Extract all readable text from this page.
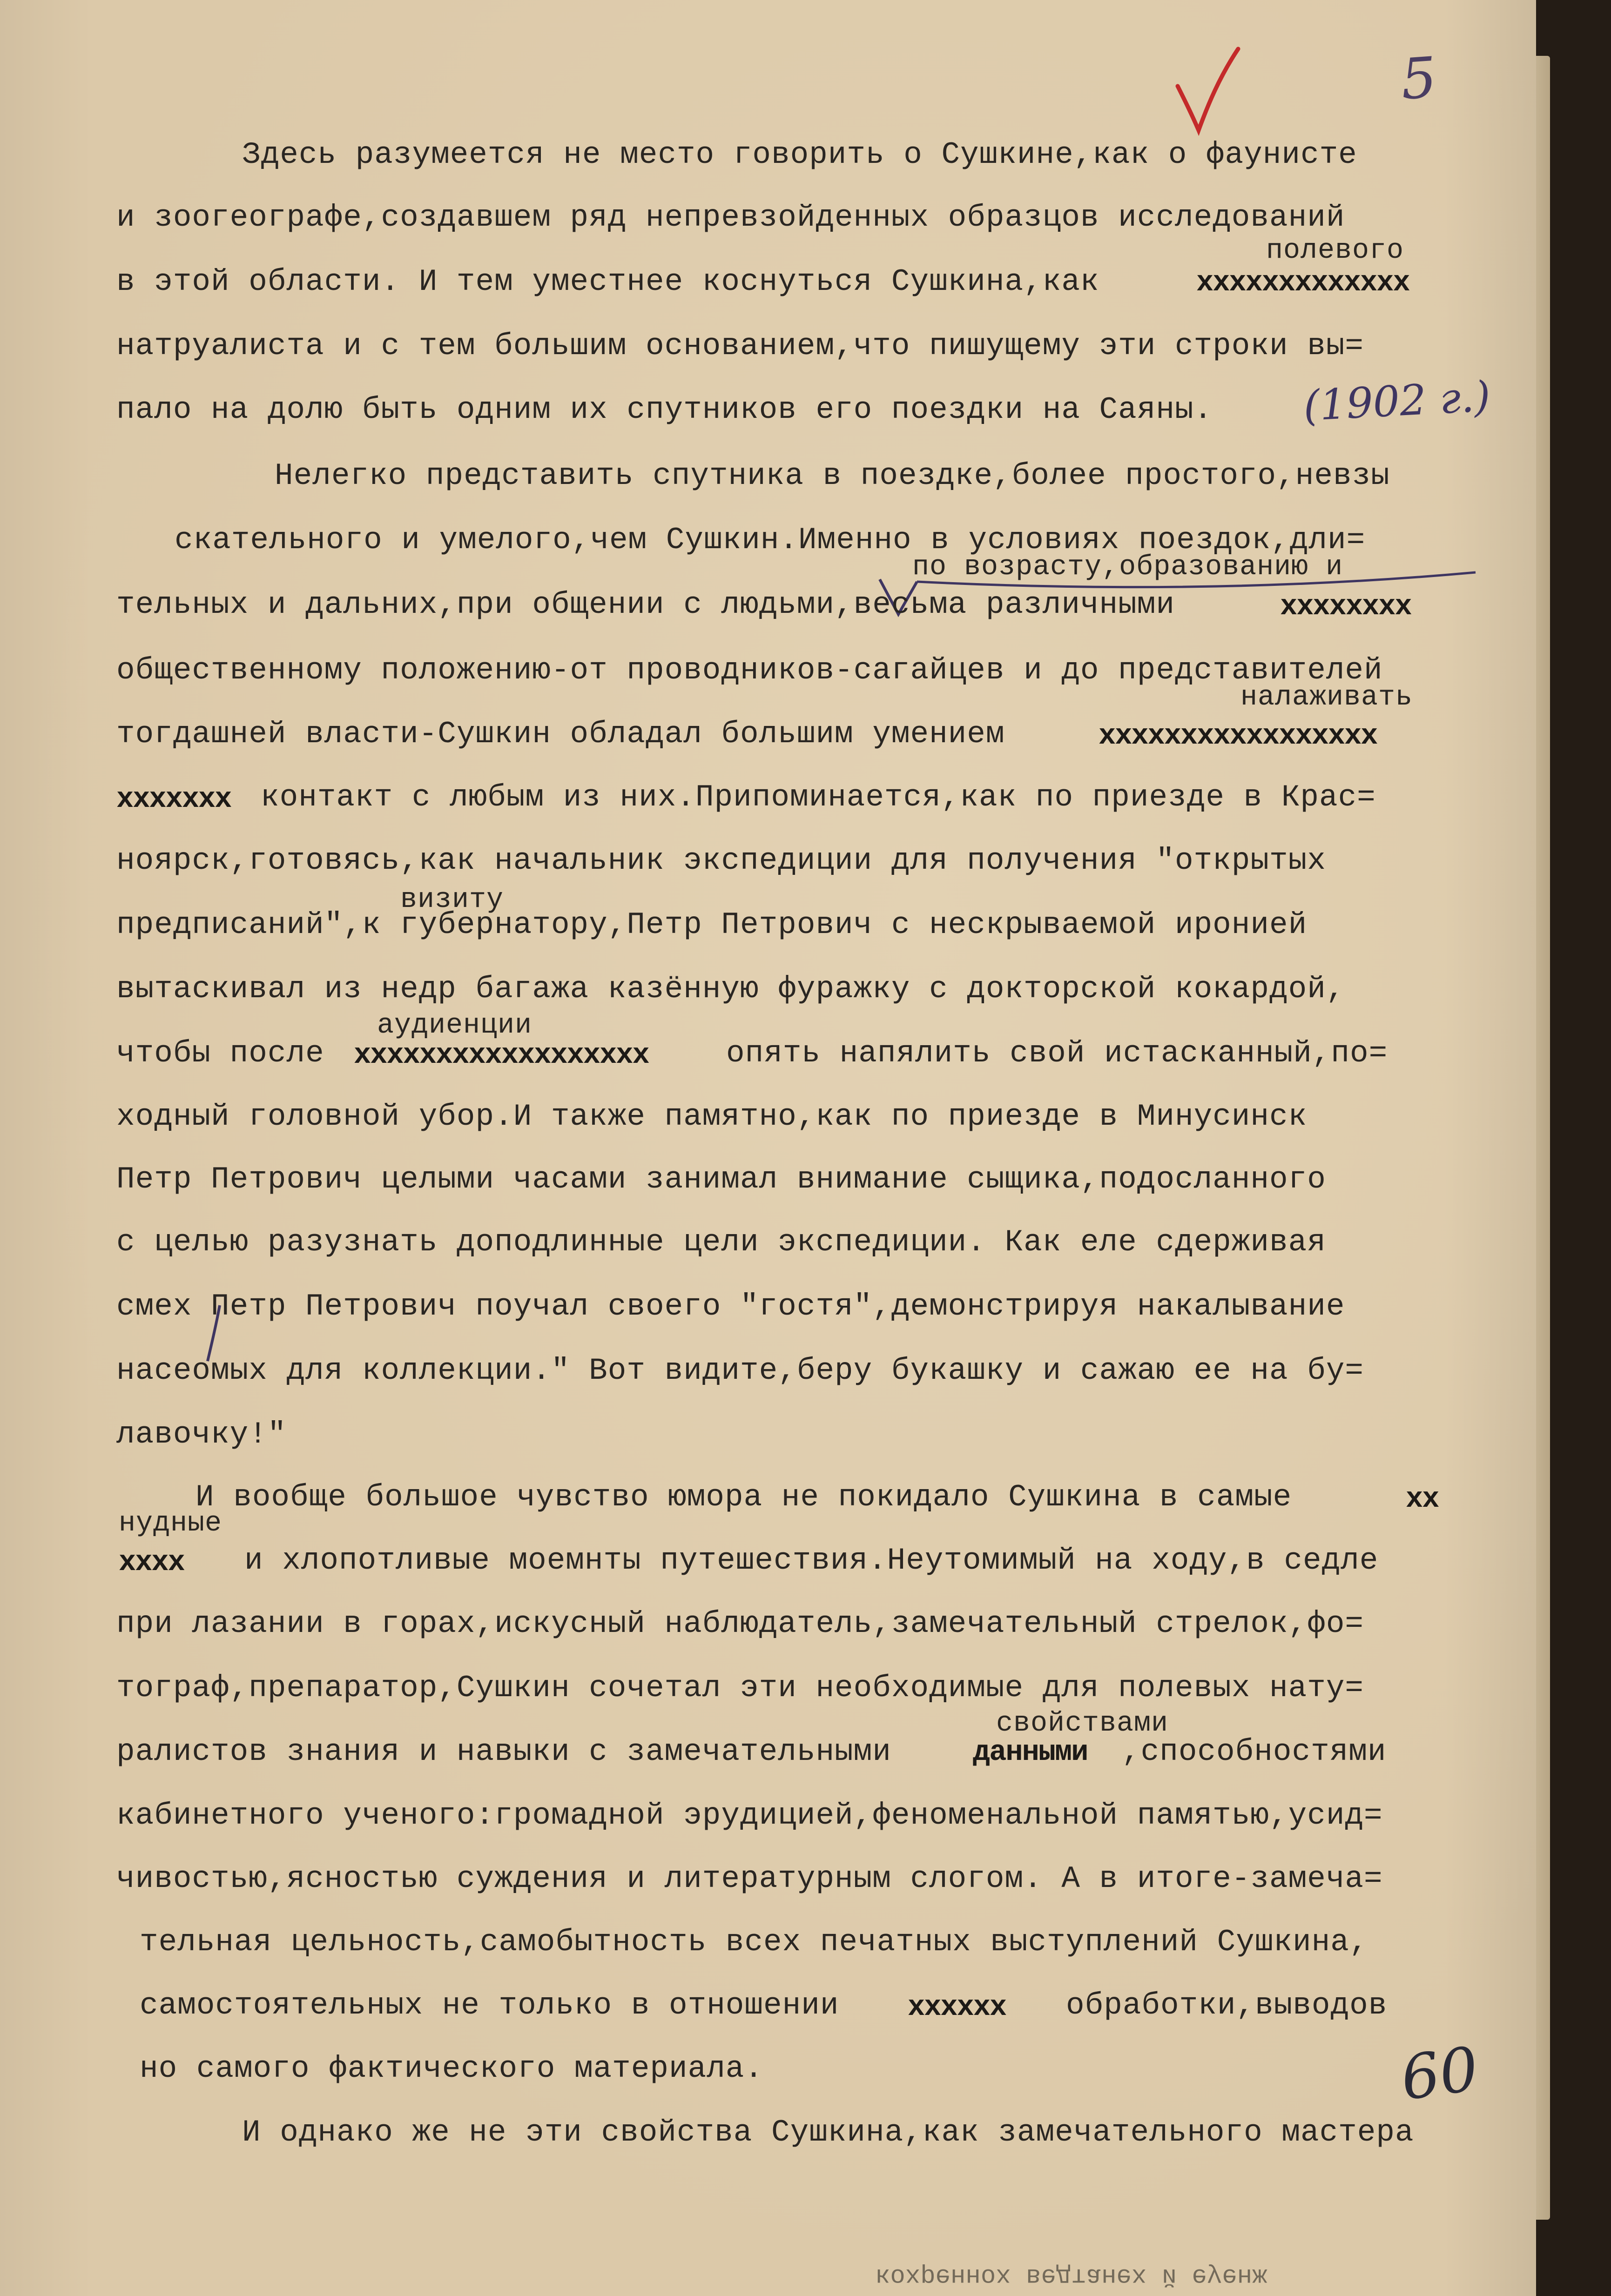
5
Здесь разумеется не место говорить о Сушкине,как о фаунисте
полевого
и зоогеографе,создавшем ряд непревзойденных образцов исследований
в этой области. И тем уместнее коснуться Сушкина,как	xxxxxxxxxxxxx
натруалиста и с тем большим основанием,что пишущему эти строки вы=
пало на долю быть одним их спутников его поездки на Саяны. (1902 г.)
Нелегко представить спутника в поездке,более простого,невзы
скательного и умелого,чем Сушкин.Именно в условиях поездок,дли=
по возрасту,образованию и
тельных и дальних,при общении с людьми,весьма различными	xxxxxxxx
общественному положению-от проводников-сагайцев и до представителей
налаживать
тогдашней власти-Сушкин обладал большим умением	xxxxxxxxxxxxxxxxx
xxxxxxx контакт с любым из них.Припоминается,как по приезде в Крас=
ноярск,готовясь,как начальник экспедиции для получения "открытых
визиту
предписаний",к губернатору,Петр Петрович с нескрываемой иронией
вытаскивал из недр багажа казённую фуражку с докторской кокардой,
аудиенции
чтобы после xxxxxxxxxxxxxxxxxx	опять напялить свой истасканный,по=
ходный головной убор.И также памятно,как по приезде в Минусинск
Петр Петрович целыми часами занимал внимание сыщика,подосланного
с целью разузнать доподлинные цели экспедиции. Как еле сдерживая
смех Петр Петрович поучал своего "гостя",демонстрируя накалывание
насеомых для коллекции." Вот видите,беру букашку и сажаю ее на бу=
лавочку!"
И вообще большое чувство юмора не покидало Сушкина в самые	xx
нудные
xxxx и хлопотливые моемнты путешествия.Неутомимый на ходу,в седле
при лазании в горах,искусный наблюдатель,замечательный стрелок,фо=
тограф,препаратор,Сушкин сочетал эти необходимые для полевых нату=
свойствами
ралистов знания и навыки с замечательными	данными ,способностями
кабинетного ученого:громадной эрудицией,феноменальной памятью,усид=
чивостью,ясностью суждения и литературным слогом. А в итоге-замеча=
тельная цельность,самобытность всех печатных выступлений Сушкина,
самостоятельных не только в отношении xxxxxx обработки,выводов
но самого фактического материала.	60
И однако же не эти свойства Сушкина,как замечательного мастера
кохреннох ведтанех й еуенж
